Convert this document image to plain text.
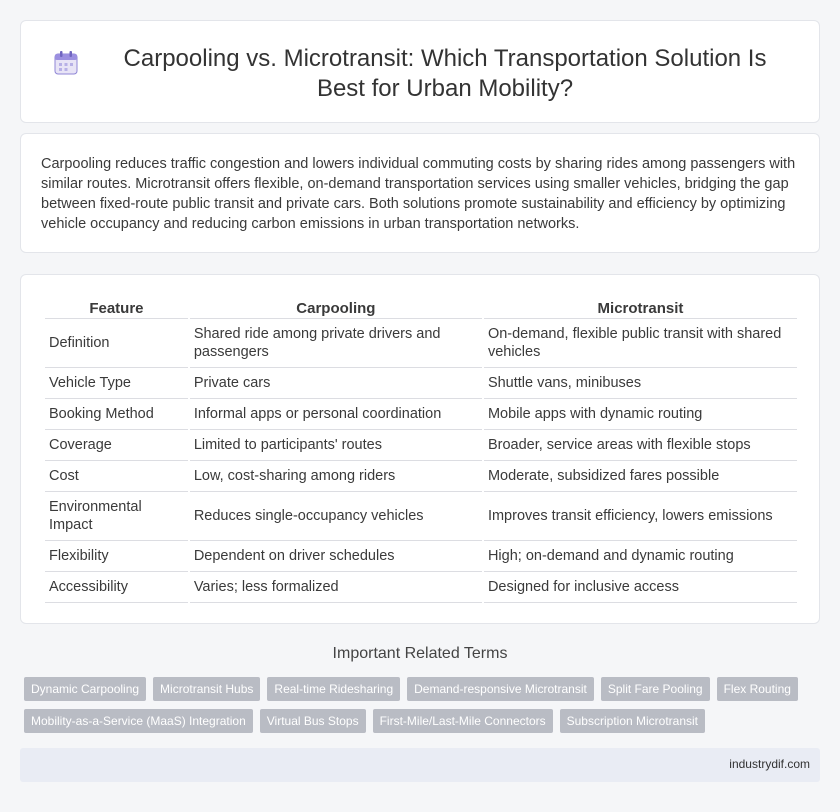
Carpooling vs. Microtransit: Which Transportation Solution Is Best for Urban Mobility?

Carpooling reduces traffic congestion and lowers individual commuting costs by sharing rides among passengers with similar routes. Microtransit offers flexible, on-demand transportation services using smaller vehicles, bridging the gap between fixed-route public transit and private cars. Both solutions promote sustainability and efficiency by optimizing vehicle occupancy and reducing carbon emissions in urban transportation networks.

Feature	Carpooling	Microtransit
Definition	Shared ride among private drivers and passengers	On-demand, flexible public transit with shared vehicles
Vehicle Type	Private cars	Shuttle vans, minibuses
Booking Method	Informal apps or personal coordination	Mobile apps with dynamic routing
Coverage	Limited to participants' routes	Broader, service areas with flexible stops
Cost	Low, cost-sharing among riders	Moderate, subsidized fares possible
Environmental Impact	Reduces single-occupancy vehicles	Improves transit efficiency, lowers emissions
Flexibility	Dependent on driver schedules	High; on-demand and dynamic routing
Accessibility	Varies; less formalized	Designed for inclusive access
Important Related Terms
Dynamic Carpooling	Microtransit Hubs	Real-time Ridesharing	Demand-responsive Microtransit	Split Fare Pooling	Flex Routing
Mobility-as-a-Service (MaaS) Integration	Virtual Bus Stops	First-Mile/Last-Mile Connectors	Subscription Microtransit
industrydif.com
